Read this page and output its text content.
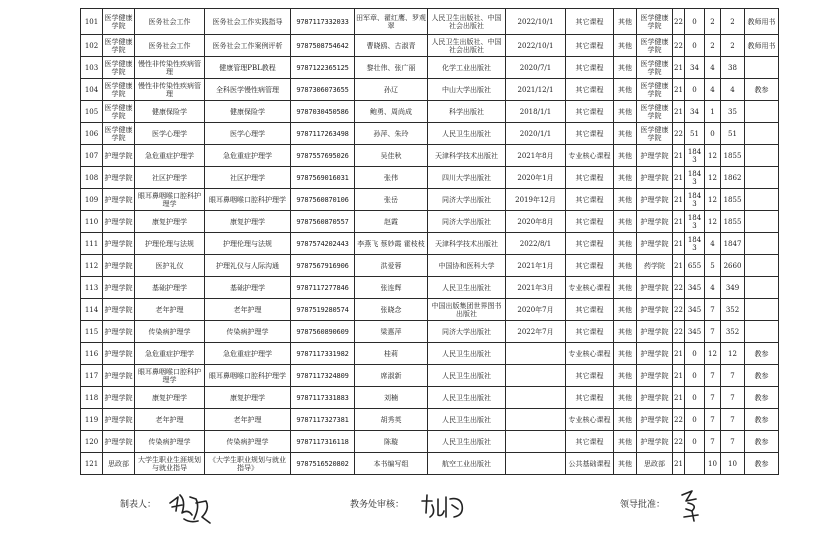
101	医学健康学院	医务社会工作	医务社会工作实践指导	9787117332033	田军章、翟红鹰、罗观翠	人民卫生出版社、中国社会出版社	2022/10/1	其它课程	其他	医学健康学院	22	0	2	2	教师用书
102	医学健康学院	医务社会工作	医务社会工作案例评析	9787508754642	曹晓鸥、古淑青	人民卫生出版社、中国社会出版社	2022/10/1	其它课程	其他	医学健康学院	22	0	2	2	教师用书
103	医学健康学院	慢性非传染性疾病管理	健康管理PBL教程	9787122365125	黎壮伟、张广丽	化学工业出版社	2020/7/1	其它课程	其他	医学健康学院	21	34	4	38	
104	医学健康学院	慢性非传染性疾病管理	全科医学慢性病管理	9787306073655	孙辽	中山大学出版社	2021/12/1	其它课程	其他	医学健康学院	21	0	4	4	教参
105	医学健康学院	健康保险学	健康保险学	9787030450586	鲍勇、周尚成	科学出版社	2018/1/1	其它课程	其他	医学健康学院	21	34	1	35	
106	医学健康学院	医学心理学	医学心理学	9787117263498	孙萍、朱玲	人民卫生出版社	2020/1/1	其它课程	其他	医学健康学院	22	51	0	51	
107	护理学院	急危重症护理学	急危重症护理学	9787557695026	吴佳秋	天津科学技术出版社	2021年8月	专业核心课程	其他	护理学院	21	1843	12	1855	
108	护理学院	社区护理学	社区护理学	9787569016031	张伟	四川大学出版社	2020年1月	其它课程	其他	护理学院	21	1843	12	1862	
109	护理学院	眼耳鼻咽喉口腔科护理学	眼耳鼻咽喉口腔科护理学	9787560870106	张岳	同济大学出版社	2019年12月	其它课程	其他	护理学院	21	1843	12	1855	
110	护理学院	康复护理学	康复护理学	9787560870557	赵霞	同济大学出版社	2020年8月	其它课程	其他	护理学院	21	1843	12	1855	
111	护理学院	护理伦理与法规	护理伦理与法规	9787574202443	李燕飞 蔡妙霞 霍枝枝	天津科学技术出版社	2022/8/1	其它课程	其他	护理学院	21	1843	4	1847	
112	护理学院	医护礼仪	护理礼仪与人际沟通	9787567916906	洪爱蓉	中国协和医科大学	2021年1月	其它课程	其他	药学院	21	655	5	2660	
113	护理学院	基础护理学	基础护理学	9787117277846	张连辉	人民卫生出版社	2021年3月	专业核心课程	其他	护理学院	22	345	4	349	
114	护理学院	老年护理	老年护理	9787519280574	张晓念	中国出版集团世界图书出版社	2020年7月	其它课程	其他	护理学院	22	345	7	352	
115	护理学院	传染病护理学	传染病护理学	9787560890609	梁惠萍	同济大学出版社	2022年7月	其它课程	其他	护理学院	22	345	7	352	
116	护理学院	急危重症护理学	急危重症护理学	9787117331982	桂莉	人民卫生出版社		专业核心课程	其他	护理学院	21	0	12	12	教参
117	护理学院	眼耳鼻咽喉口腔科护理学	眼耳鼻咽喉口腔科护理学	9787117324809	席淑新	人民卫生出版社		其它课程	其他	护理学院	21	0	7	7	教参
118	护理学院	康复护理学	康复护理学	9787117331883	刘楠	人民卫生出版社		其它课程	其他	护理学院	21	0	7	7	教参
119	护理学院	老年护理	老年护理	9787117327381	胡秀英	人民卫生出版社		专业核心课程	其他	护理学院	22	0	7	7	教参
120	护理学院	传染病护理学	传染病护理学	9787117316118	陈璇	人民卫生出版社		其它课程	其他	护理学院	22	0	7	7	教参
121	思政部	大学生职业生涯规划与就业指导	《大学生职业规划与就业指导》	9787516520802	本书编写组	航空工业出版社		公共基础课程	其他	思政部	21		10	10	教参
制表人：	教务处审核：	领导批准：
